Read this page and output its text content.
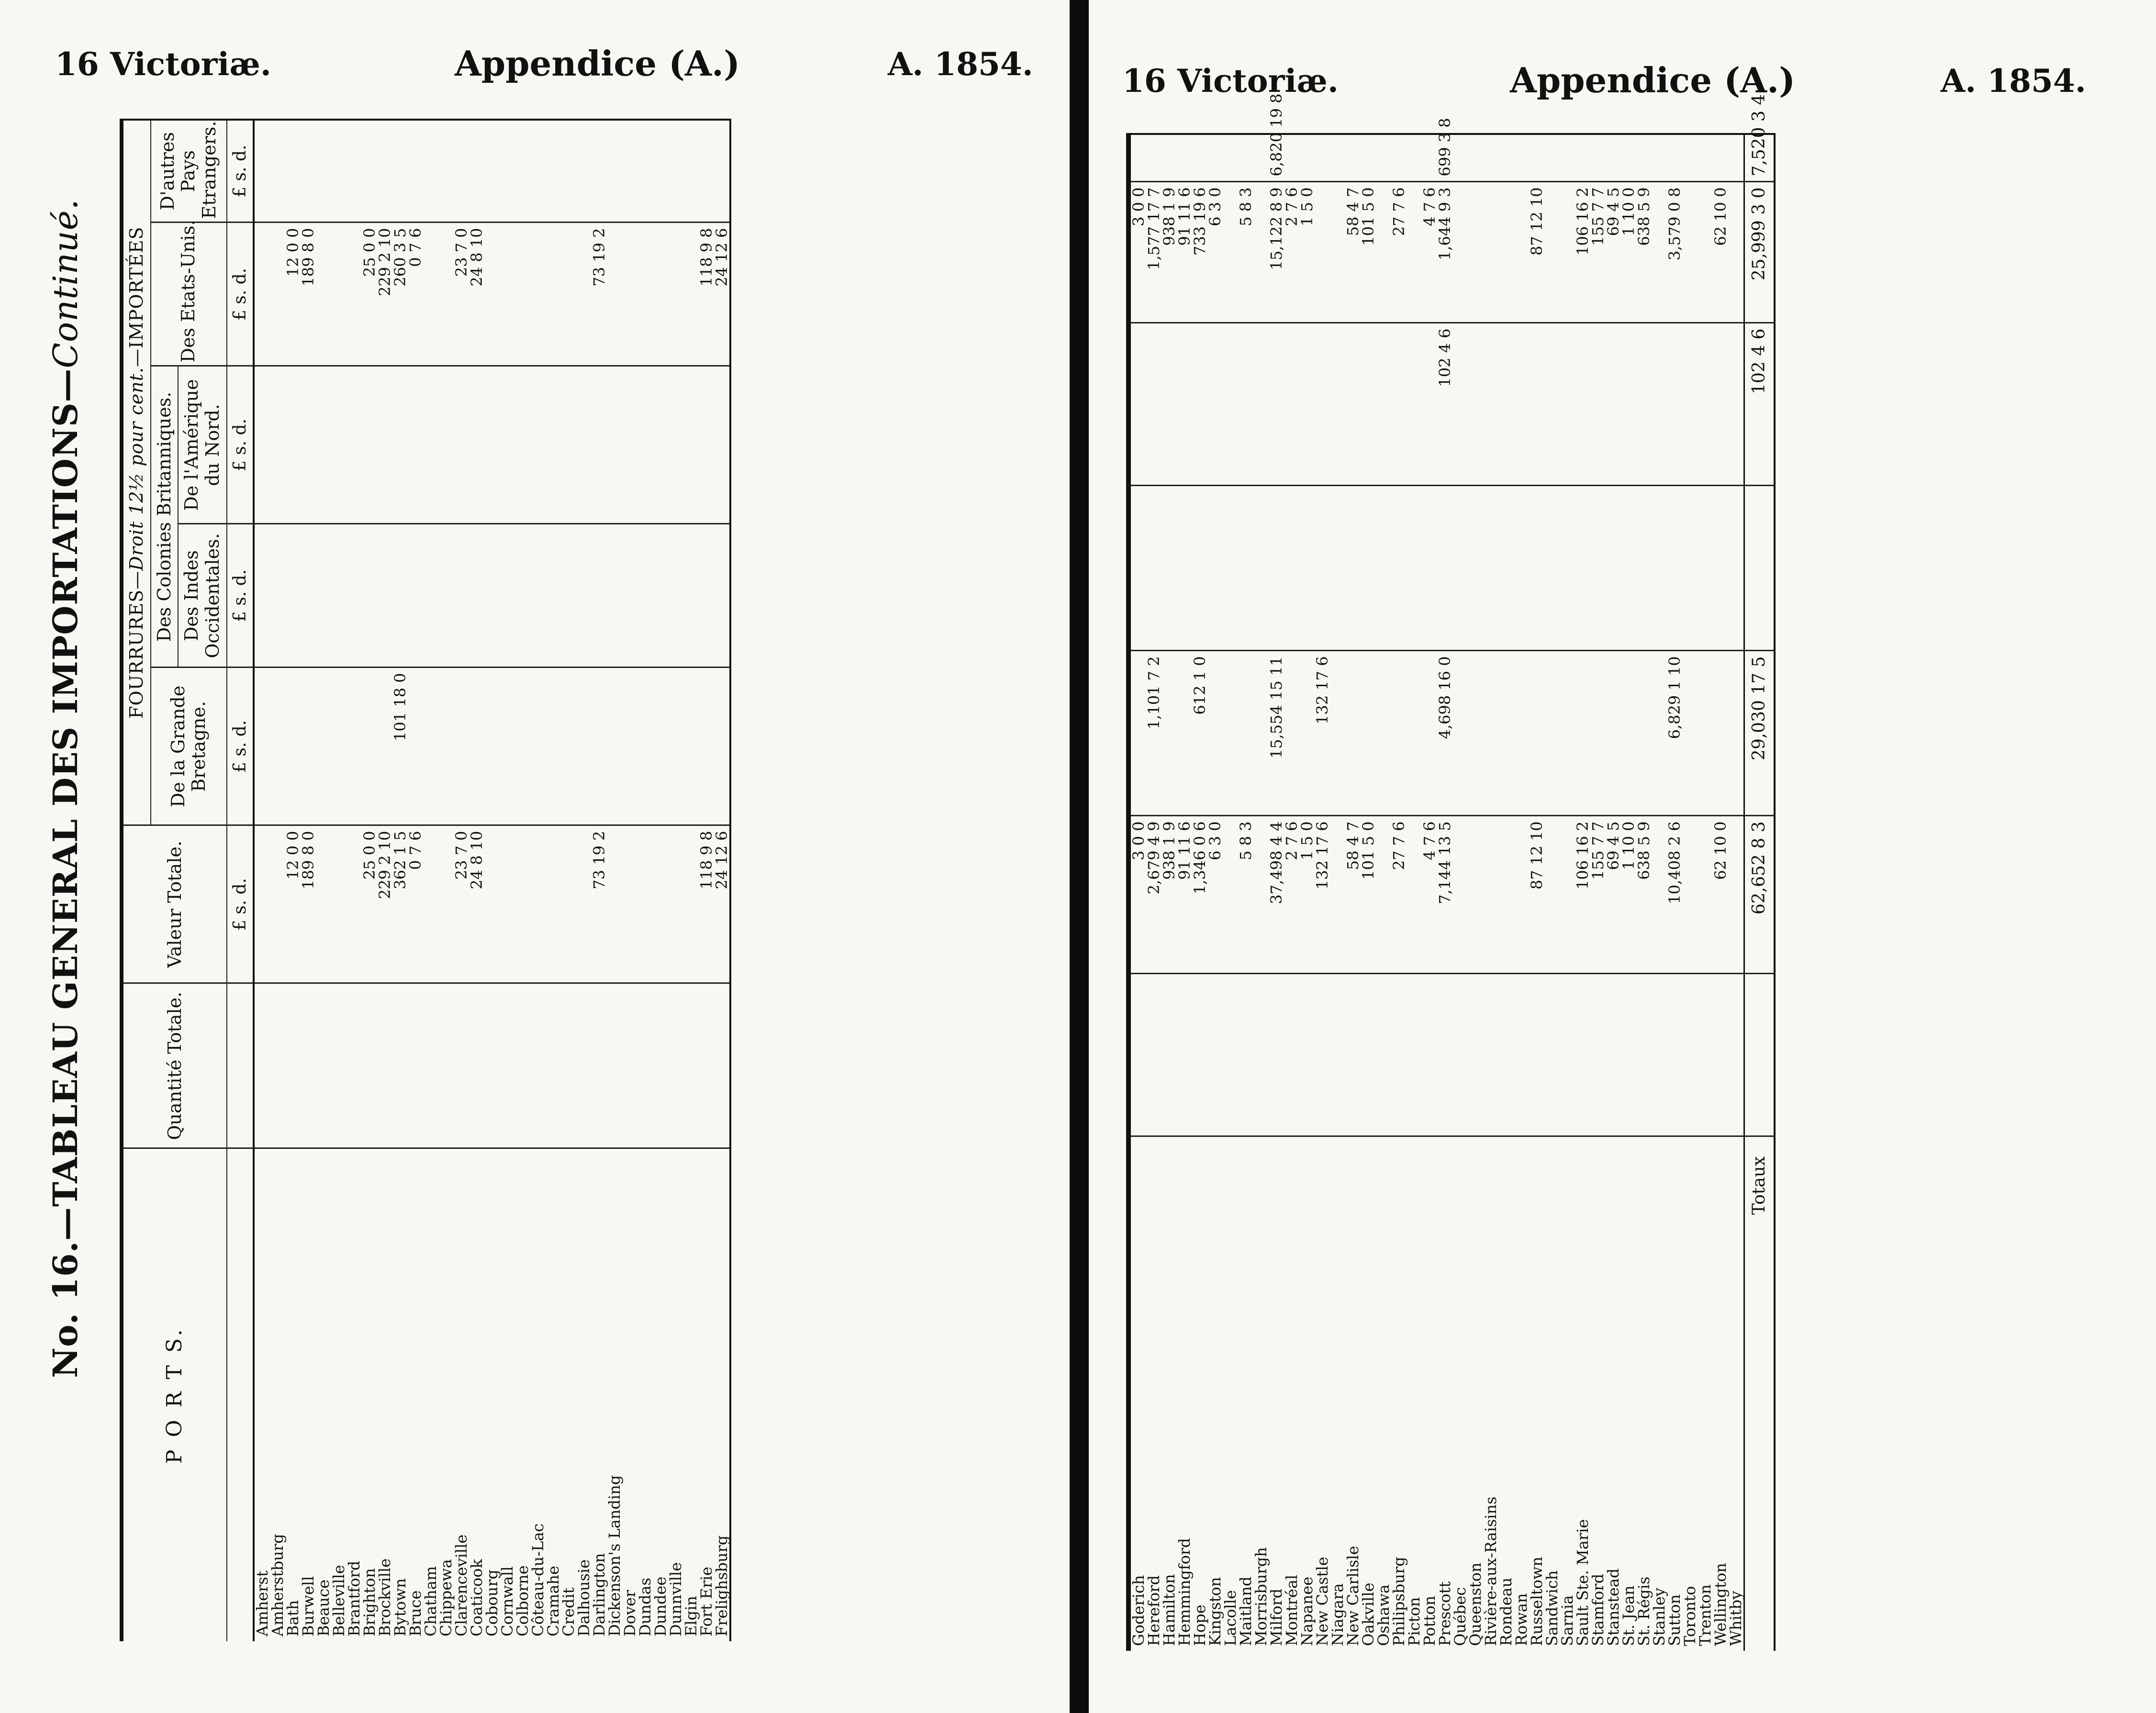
16 Victoriæ.	Appendice (A.)	A. 1854.
No. 16.—TABLEAU GENERAL DES IMPORTATIONS—Continué.
P O R T S.	Quantité Totale.	Valeur Totale.	FOURRURES—Droit 12½ pour cent.—IMPORTÉES				
			De la Grande Bretagne.	Des Colonies Britanniques.		Des Etats-Unis.	D'autres Pays Etrangers.
				Des Indes Occidentales.	De l'Amérique du Nord.		
		£ s. d.	£ s. d.	£ s. d.	£ s. d.	£ s. d.	£ s. d.
Amherst							
Amherstburg							
Bath		12 0 0				12 0 0	
Burwell		189 8 0				189 8 0	
Beauce							
Belleville							
Brantford							
Brighton		25 0 0				25 0 0	
Brockville		229 2 10				229 2 10	
Bytown		362 1 5	101 18 0			260 3 5	
Bruce		0 7 6				0 7 6	
Chatham							
Chippewa							
Clarenceville		23 7 0				23 7 0	
Coaticook		24 8 10				24 8 10	
Cobourg							
Cornwall							
Colborne							
Côteau-du-Lac							
Cramahe							
Credit							
Dalhousie							
Darlington		73 19 2				73 19 2	
Dickenson's Landing							
Dover							
Dundas							
Dundee							
Dunnville							
Elgin							
Fort Erie		118 9 8				118 9 8	
Frelighsburg		24 12 6				24 12 6	
16 Victoriæ.	Appendice (A.)	A. 1854.
Goderich		3 0 0				3 0 0	
Hereford		2,679 4 9	1,101 7 2			1,577 17 7	
Hamilton		938 1 9				938 1 9	
Hemmingford		91 11 6				91 11 6	
Hope		1,346 0 6	612 1 0			733 19 6	
Kingston		6 3 0				6 3 0	
Lacolle							
Maitland		5 8 3				5 8 3	
Morrisburgh							
Milford		37,498 4 4	15,554 15 11			15,122 8 9	6,820 19 8
Montréal		2 7 6				2 7 6	
Napanee		1 5 0				1 5 0	
New Castle		132 17 6	132 17 6				
Niagara							
New Carlisle		58 4 7				58 4 7	
Oakville		101 5 0				101 5 0	
Oshawa							
Philipsburg		27 7 6				27 7 6	
Picton							
Potton		4 7 6				4 7 6	
Prescott		7,144 13 5	4,698 16 0		102 4 6	1,644 9 3	699 3 8
Québec							
Queenston							
Rivière-aux-Raisins							
Rondeau							
Rowan							
Russeltown		87 12 10				87 12 10	
Sandwich							
Sarnia							
Sault Ste. Marie		106 16 2				106 16 2	
Stamford		155 7 7				155 7 7	
Stanstead		69 4 5				69 4 5	
St. Jean		1 10 0				1 10 0	
St. Régis		638 5 9				638 5 9	
Stanley							
Sutton		10,408 2 6	6,829 1 10			3,579 0 8	
Toronto							
Trenton							
Wellington		62 10 0				62 10 0	
Whitby							
Totaux		62,652 8 3	29,030 17 5		102 4 6	25,999 3 0	7,520 3 4
